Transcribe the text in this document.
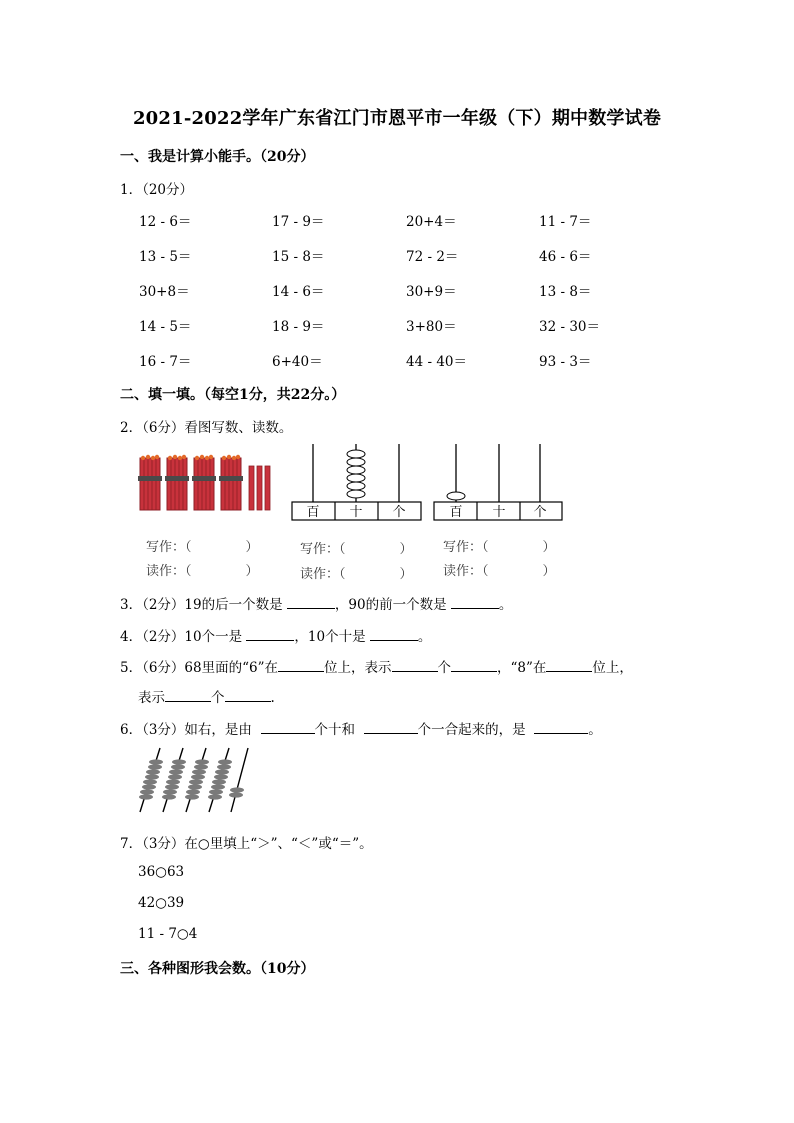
2021-2022学年广东省江门市恩平市一年级（下）期中数学试卷
一、我是计算小能手。（20分）
1．（20分）
12 - 6＝	17 - 9＝	20+4＝	11 - 7＝
13 - 5＝	15 - 8＝	72 - 2＝	46 - 6＝
30+8＝	14 - 6＝	30+9＝	13 - 8＝
14 - 5＝	18 - 9＝	3+80＝	32 - 30＝
16 - 7＝	6+40＝	44 - 40＝	93 - 3＝
二、填一填。（每空1分，共22分。）
2．（6分）看图写数、读数。
百 十 个	百 十 个
写作：（	）
读作：（	）
写作：（	）
读作：（	）
写作：（	）
读作：（	）
3．（2分）19的后一个数是	，90的前一个数是	。
4．（2分）10个一是	，10个十是	。
5．（6分）68里面的“6”在	位上，表示	个	，“8”在	位上，
表示	个	.
6．（3分）如右，是由	个十和	个一合起来的，是	。
7．（3分）在○里填上“＞”、“＜”或“＝”。
36○63
42○39
11 - 7○4
三、各种图形我会数。（10分）
